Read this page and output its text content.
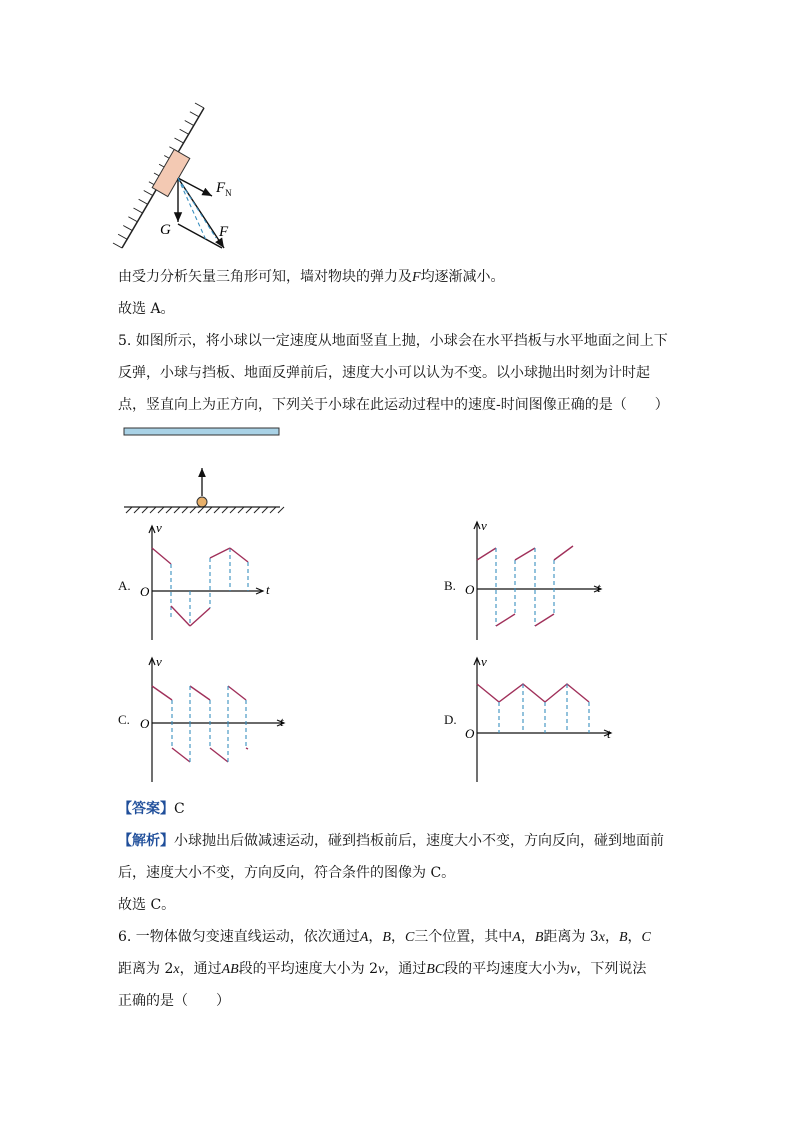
$F_N$
G	F
由受力分析矢量三角形可知，墙对物块的弹力及F均逐渐减小。
故选 A。
5. 如图所示，将小球以一定速度从地面竖直上抛，小球会在水平挡板与水平地面之间上下
反弹，小球与挡板、地面反弹前后，速度大小可以认为不变。以小球抛出时刻为计时起
点，竖直向上为正方向，下列关于小球在此运动过程中的速度-时间图像正确的是（　　）
v
O	t
A.
v
O	t
B.
v
O	t
C.
v
O	t
D.
【答案】C
【解析】小球抛出后做减速运动，碰到挡板前后，速度大小不变，方向反向，碰到地面前
后，速度大小不变，方向反向，符合条件的图像为 C。
故选 C。
6. 一物体做匀变速直线运动，依次通过A，B，C三个位置，其中A，B距离为 3x，B，C
距离为 2x，通过AB段的平均速度大小为 2v，通过BC段的平均速度大小为v，下列说法
正确的是（　　）
